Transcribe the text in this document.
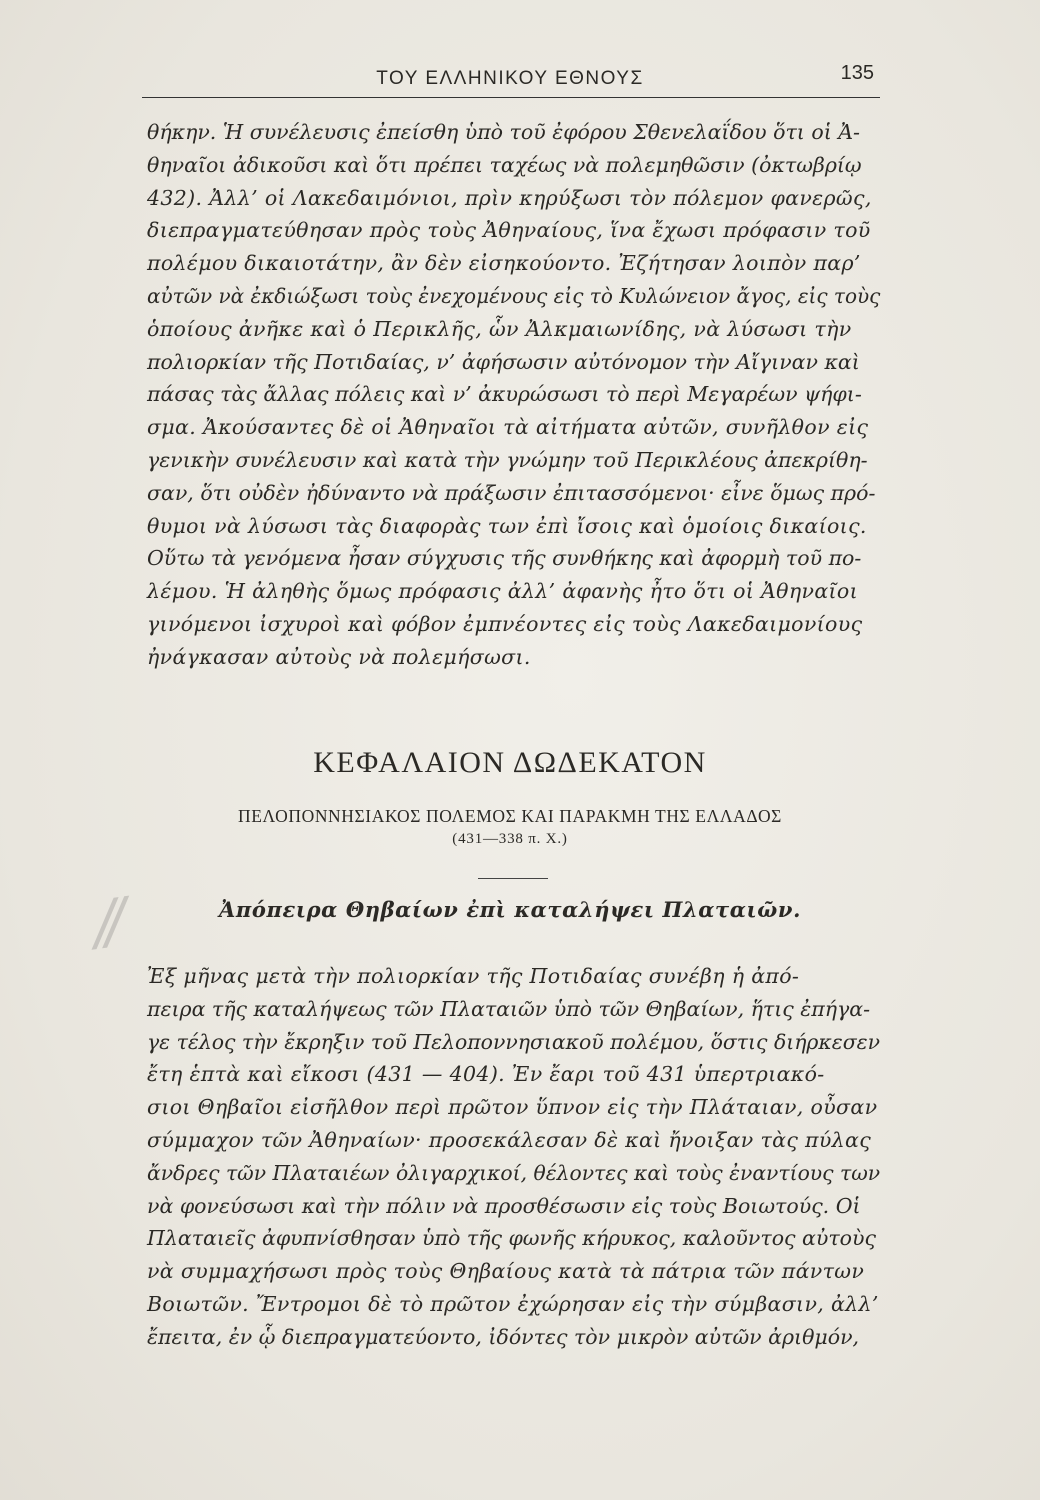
ΤΟΥ ΕΛΛΗΝΙΚΟΥ ΕΘΝΟΥΣ	135
θήκην. Ἡ συνέλευσις ἐπείσθη ὑπὸ τοῦ ἐφόρου Σθενελαΐδου ὅτι οἱ Ἀ-
θηναῖοι ἀδικοῦσι καὶ ὅτι πρέπει ταχέως νὰ πολεμηθῶσιν (ὀκτωβρίῳ
432). Ἀλλ’ οἱ Λακεδαιμόνιοι, πρὶν κηρύξωσι τὸν πόλεμον φανερῶς,
διεπραγματεύθησαν πρὸς τοὺς Ἀθηναίους, ἵνα ἔχωσι πρόφασιν τοῦ
πολέμου δικαιοτάτην, ἂν δὲν εἰσηκούοντο. Ἐζήτησαν λοιπὸν παρ’
αὐτῶν νὰ ἐκδιώξωσι τοὺς ἐνεχομένους εἰς τὸ Κυλώνειον ἄγος, εἰς τοὺς
ὁποίους ἀνῆκε καὶ ὁ Περικλῆς, ὧν Ἀλκμαιωνίδης, νὰ λύσωσι τὴν
πολιορκίαν τῆς Ποτιδαίας, ν’ ἀφήσωσιν αὐτόνομον τὴν Αἴγιναν καὶ
πάσας τὰς ἄλλας πόλεις καὶ ν’ ἀκυρώσωσι τὸ περὶ Μεγαρέων ψήφι-
σμα. Ἀκούσαντες δὲ οἱ Ἀθηναῖοι τὰ αἰτήματα αὐτῶν, συνῆλθον εἰς
γενικὴν συνέλευσιν καὶ κατὰ τὴν γνώμην τοῦ Περικλέους ἀπεκρίθη-
σαν, ὅτι οὐδὲν ἠδύναντο νὰ πράξωσιν ἐπιτασσόμενοι· εἶνε ὅμως πρό-
θυμοι νὰ λύσωσι τὰς διαφορὰς των ἐπὶ ἴσοις καὶ ὁμοίοις δικαίοις.
Οὕτω τὰ γενόμενα ἦσαν σύγχυσις τῆς συνθήκης καὶ ἀφορμὴ τοῦ πο-
λέμου. Ἡ ἀληθὴς ὅμως πρόφασις ἀλλ’ ἀφανὴς ἦτο ὅτι οἱ Ἀθηναῖοι
γινόμενοι ἰσχυροὶ καὶ φόβον ἐμπνέοντες εἰς τοὺς Λακεδαιμονίους
ἠνάγκασαν αὐτοὺς νὰ πολεμήσωσι.
ΚΕΦΑΛΑΙΟΝ ΔΩΔΕΚΑΤΟΝ
ΠΕΛΟΠΟΝΝΗΣΙΑΚΟΣ ΠΟΛΕΜΟΣ ΚΑΙ ΠΑΡΑΚΜΗ ΤΗΣ ΕΛΛΑΔΟΣ
(431—338 π. Χ.)
⁄⁄	Ἀπόπειρα Θηβαίων ἐπὶ καταλήψει Πλαταιῶν.
Ἐξ μῆνας μετὰ τὴν πολιορκίαν τῆς Ποτιδαίας συνέβη ἡ ἀπό-
πειρα τῆς καταλήψεως τῶν Πλαταιῶν ὑπὸ τῶν Θηβαίων, ἥτις ἐπήγα-
γε τέλος τὴν ἔκρηξιν τοῦ Πελοποννησιακοῦ πολέμου, ὅστις διήρκεσεν
ἔτη ἑπτὰ καὶ εἴκοσι (431 — 404). Ἐν ἔαρι τοῦ 431 ὑπερτριακό-
σιοι Θηβαῖοι εἰσῆλθον περὶ πρῶτον ὕπνον εἰς τὴν Πλάταιαν, οὖσαν
σύμμαχον τῶν Ἀθηναίων· προσεκάλεσαν δὲ καὶ ἤνοιξαν τὰς πύλας
ἄνδρες τῶν Πλαταιέων ὀλιγαρχικοί, θέλοντες καὶ τοὺς ἐναντίους των
νὰ φονεύσωσι καὶ τὴν πόλιν νὰ προσθέσωσιν εἰς τοὺς Βοιωτούς. Οἱ
Πλαταιεῖς ἀφυπνίσθησαν ὑπὸ τῆς φωνῆς κήρυκος, καλοῦντος αὐτοὺς
νὰ συμμαχήσωσι πρὸς τοὺς Θηβαίους κατὰ τὰ πάτρια τῶν πάντων
Βοιωτῶν. Ἔντρομοι δὲ τὸ πρῶτον ἐχώρησαν εἰς τὴν σύμβασιν, ἀλλ’
ἔπειτα, ἐν ᾧ διεπραγματεύοντο, ἰδόντες τὸν μικρὸν αὐτῶν ἀριθμόν,
